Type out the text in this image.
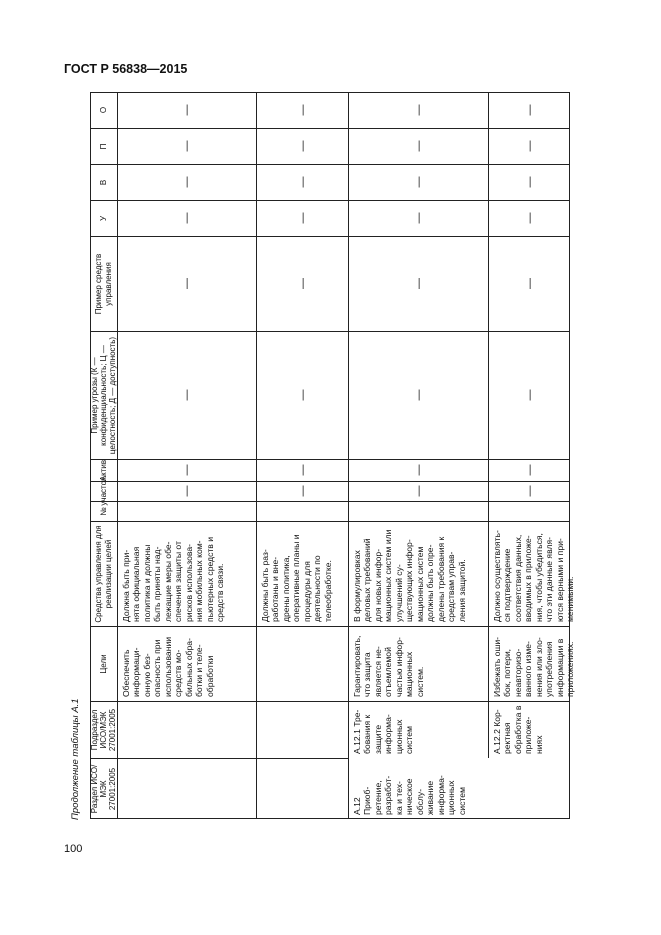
ГОСТ Р 56838—2015
Продолжение таблицы А.1
100
Раздел ИСО/МЭК 27001:2005
Подраздел ИСО/МЭК 27001:2005
Цели
Средства управления для реализации целей
№
участок
Актив
Пример угрозы (К — конфиденциальность; Ц — целостность; Д — доступность)
Пример средств управления
У
В
П
О
Обеспечить информаци-
онную без-
опасность при использовании средств мо-
бильных обра-
ботки и теле-
обработки
Должна быть при-
нята официальная политика и должны быть приняты над-
лежащие меры обе-
спечения защиты от рисков использова-
ния мобильных ком-
пьютерных средств и средств связи.
—
—
—
—
—
—
—
—
Должны быть раз-
работаны и вне-
дрены политика, оперативные планы и процедуры для деятельности по телеобработке.
—
—
—
—
—
—
—
—
А.12
Приоб-
ретение, разработ-
ка и тех-
ническое обслу-
живание информа-
ционных систем
А.12.1 Тре-
бования к защите информа-
ционных систем
Гарантировать, что защита является не-
отъемлемой частью инфор-
мационных систем.
В формулировках деловых требований для новых инфор-
мационных систем или улучшений су-
ществующих инфор-
мационных систем должны быть опре-
делены требования к средствам управ-
ления защитой.
—
—
—
—
—
—
—
—
А.12.2 Кор-
ректная обработка в приложе-
ниях
Избежать оши-
бок, потери, неавторизо-
ванного изме-
нения или зло-
употребления информации в приложениях.
Должно осуществлять-
ся подтверждение соответствия данных, вводимых в приложе-
ния, чтобы убедиться, что эти данные явля-
ются верными и при-
менимыми.
—
—
—
—
—
—
—
—
